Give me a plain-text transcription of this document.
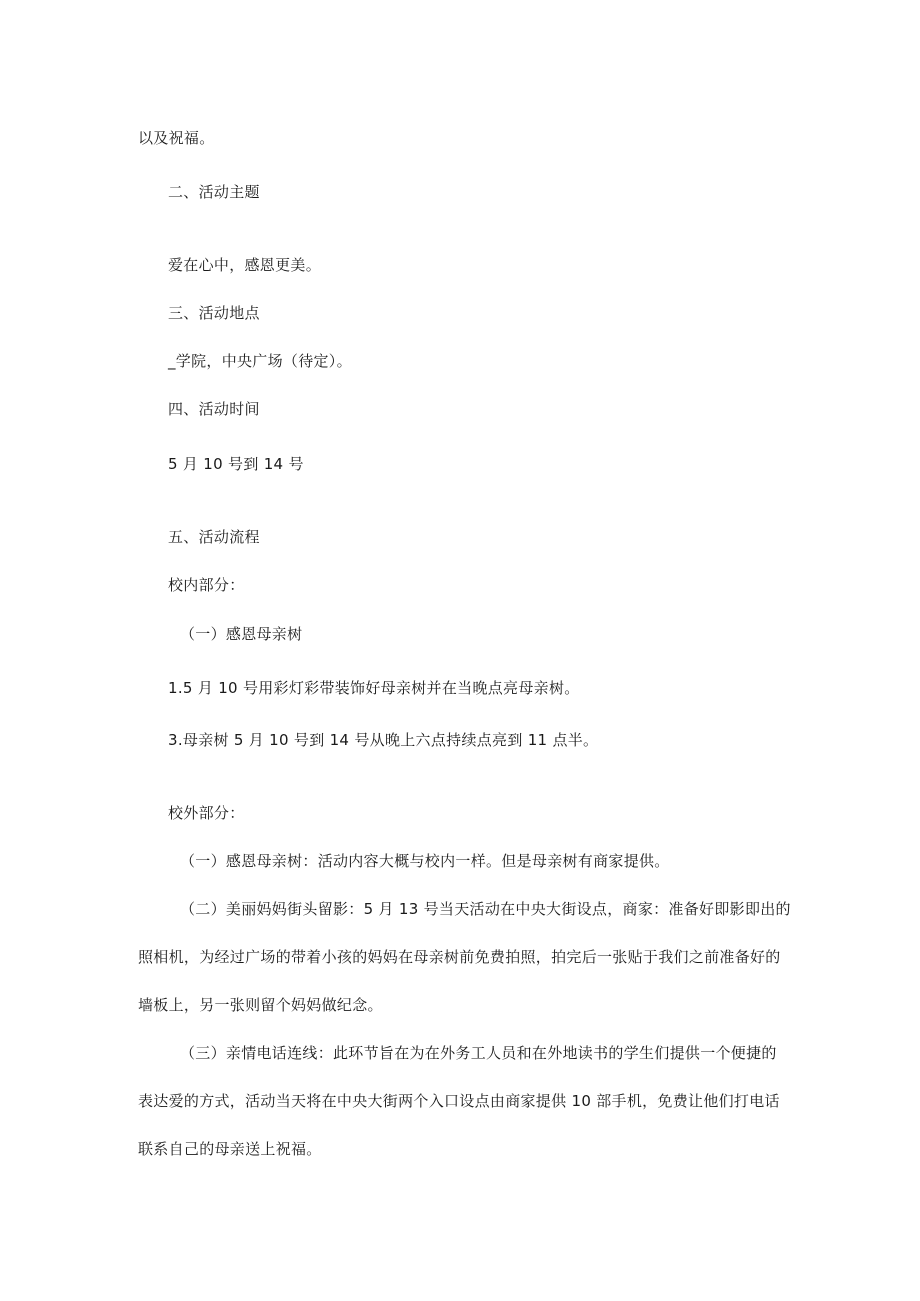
以及祝福。
二、活动主题
爱在心中，感恩更美。
三、活动地点
_学院，中央广场（待定）。
四、活动时间
5 月 10 号到 14 号
五、活动流程
校内部分：
（一）感恩母亲树
1.5 月 10 号用彩灯彩带装饰好母亲树并在当晚点亮母亲树。
3.母亲树 5 月 10 号到 14 号从晚上六点持续点亮到 11 点半。
校外部分：
（一）感恩母亲树：活动内容大概与校内一样。但是母亲树有商家提供。
（二）美丽妈妈街头留影：5 月 13 号当天活动在中央大街设点，商家：准备好即影即出的
照相机，为经过广场的带着小孩的妈妈在母亲树前免费拍照，拍完后一张贴于我们之前准备好的
墙板上，另一张则留个妈妈做纪念。
（三）亲情电话连线：此环节旨在为在外务工人员和在外地读书的学生们提供一个便捷的
表达爱的方式，活动当天将在中央大街两个入口设点由商家提供 10 部手机，免费让他们打电话
联系自己的母亲送上祝福。
